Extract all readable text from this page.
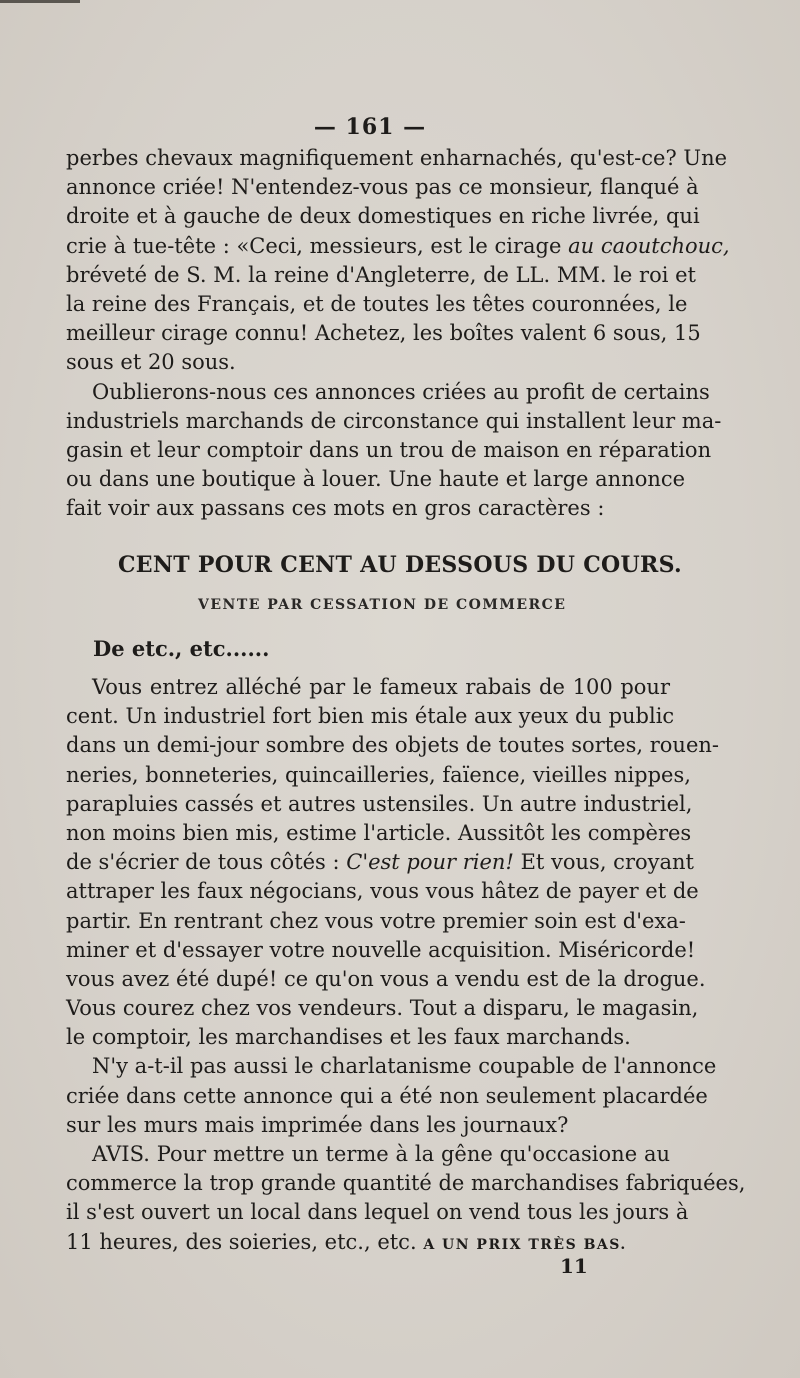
— 161 —
perbes chevaux magnifiquement enharnachés, qu'est-ce? Une
annonce criée! N'entendez-vous pas ce monsieur, flanqué à
droite et à gauche de deux domestiques en riche livrée, qui
crie à tue-tête : «Ceci, messieurs, est le cirage au caoutchouc,
bréveté de S. M. la reine d'Angleterre, de LL. MM. le roi et
la reine des Français, et de toutes les têtes couronnées, le
meilleur cirage connu! Achetez, les boîtes valent 6 sous, 15
sous et 20 sous.
Oublierons-nous ces annonces criées au profit de certains
industriels marchands de circonstance qui installent leur ma-
gasin et leur comptoir dans un trou de maison en réparation
ou dans une boutique à louer. Une haute et large annonce
fait voir aux passans ces mots en gros caractères :
CENT POUR CENT AU DESSOUS DU COURS.
VENTE PAR CESSATION DE COMMERCE
De etc., etc......
Vous entrez alléché par le fameux rabais de 100 pour
cent. Un industriel fort bien mis étale aux yeux du public
dans un demi-jour sombre des objets de toutes sortes, rouen-
neries, bonneteries, quincailleries, faïence, vieilles nippes,
parapluies cassés et autres ustensiles. Un autre industriel,
non moins bien mis, estime l'article. Aussitôt les compères
de s'écrier de tous côtés : C'est pour rien! Et vous, croyant
attraper les faux négocians, vous vous hâtez de payer et de
partir. En rentrant chez vous votre premier soin est d'exa-
miner et d'essayer votre nouvelle acquisition. Miséricorde!
vous avez été dupé! ce qu'on vous a vendu est de la drogue.
Vous courez chez vos vendeurs. Tout a disparu, le magasin,
le comptoir, les marchandises et les faux marchands.
N'y a-t-il pas aussi le charlatanisme coupable de l'annonce
criée dans cette annonce qui a été non seulement placardée
sur les murs mais imprimée dans les journaux?
AVIS. Pour mettre un terme à la gêne qu'occasione au
commerce la trop grande quantité de marchandises fabriquées,
il s'est ouvert un local dans lequel on vend tous les jours à
11 heures, des soieries, etc., etc. A UN PRIX TRÈS BAS.
11
